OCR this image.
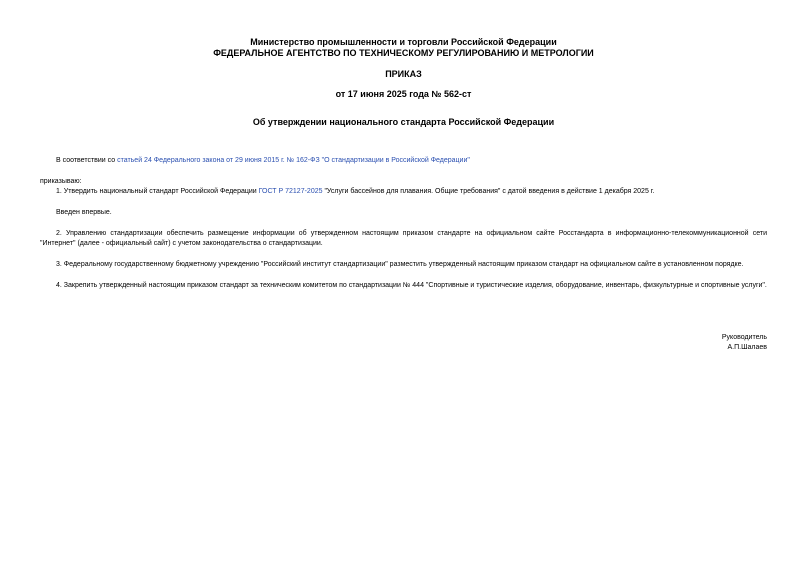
Министерство промышленности и торговли Российской Федерации
ФЕДЕРАЛЬНОЕ АГЕНТСТВО ПО ТЕХНИЧЕСКОМУ РЕГУЛИРОВАНИЮ И МЕТРОЛОГИИ
ПРИКАЗ
от 17 июня 2025 года № 562-ст
Об утверждении национального стандарта Российской Федерации
В соответствии со статьей 24 Федерального закона от 29 июня 2015 г. № 162-ФЗ "О стандартизации в Российской Федерации"
приказываю:
1. Утвердить национальный стандарт Российской Федерации ГОСТ Р 72127-2025 "Услуги бассейнов для плавания. Общие требования" с датой введения в действие 1 декабря 2025 г.
Введен впервые.
2. Управлению стандартизации обеспечить размещение информации об утвержденном настоящим приказом стандарте на официальном сайте Росстандарта в информационно-телекоммуникационной сети "Интернет" (далее - официальный сайт) с учетом законодательства о стандартизации.
3. Федеральному государственному бюджетному учреждению "Российский институт стандартизации" разместить утвержденный настоящим приказом стандарт на официальном сайте в установленном порядке.
4. Закрепить утвержденный настоящим приказом стандарт за техническим комитетом по стандартизации № 444 "Спортивные и туристические изделия, оборудование, инвентарь, физкультурные и спортивные услуги".
Руководитель
А.П.Шалаев
